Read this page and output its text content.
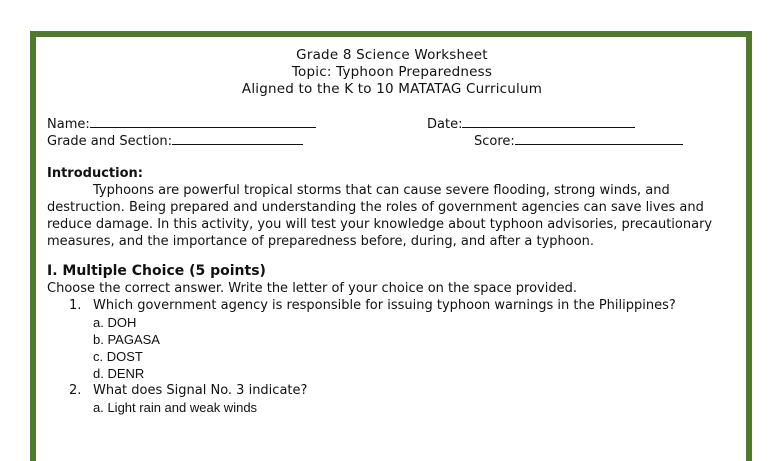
Grade 8 Science Worksheet
Topic: Typhoon Preparedness
Aligned to the K to 10 MATATAG Curriculum
Name:	Date:
Grade and Section:	Score:
Introduction:
Typhoons are powerful tropical storms that can cause severe flooding, strong winds, and destruction. Being prepared and understanding the roles of government agencies can save lives and reduce damage. In this activity, you will test your knowledge about typhoon advisories, precautionary measures, and the importance of preparedness before, during, and after a typhoon.
I. Multiple Choice (5 points)
Choose the correct answer. Write the letter of your choice on the space provided.
1. Which government agency is responsible for issuing typhoon warnings in the Philippines?
a. DOH
b. PAGASA
c. DOST
d. DENR
2. What does Signal No. 3 indicate?
a. Light rain and weak winds
